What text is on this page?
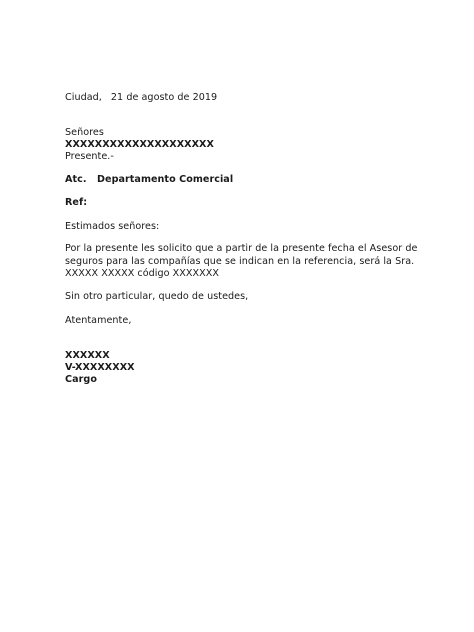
Ciudad, 21 de agosto de 2019
Señores
XXXXXXXXXXXXXXXXXXXX
Presente.-
Atc. Departamento Comercial
Ref:
Estimados señores:
Por la presente les solicito que a partir de la presente fecha el Asesor de
seguros para las compañías que se indican en la referencia, será la Sra.
XXXXX XXXXX código XXXXXXX
Sin otro particular, quedo de ustedes,
Atentamente,
XXXXXX
V-XXXXXXXX
Cargo
